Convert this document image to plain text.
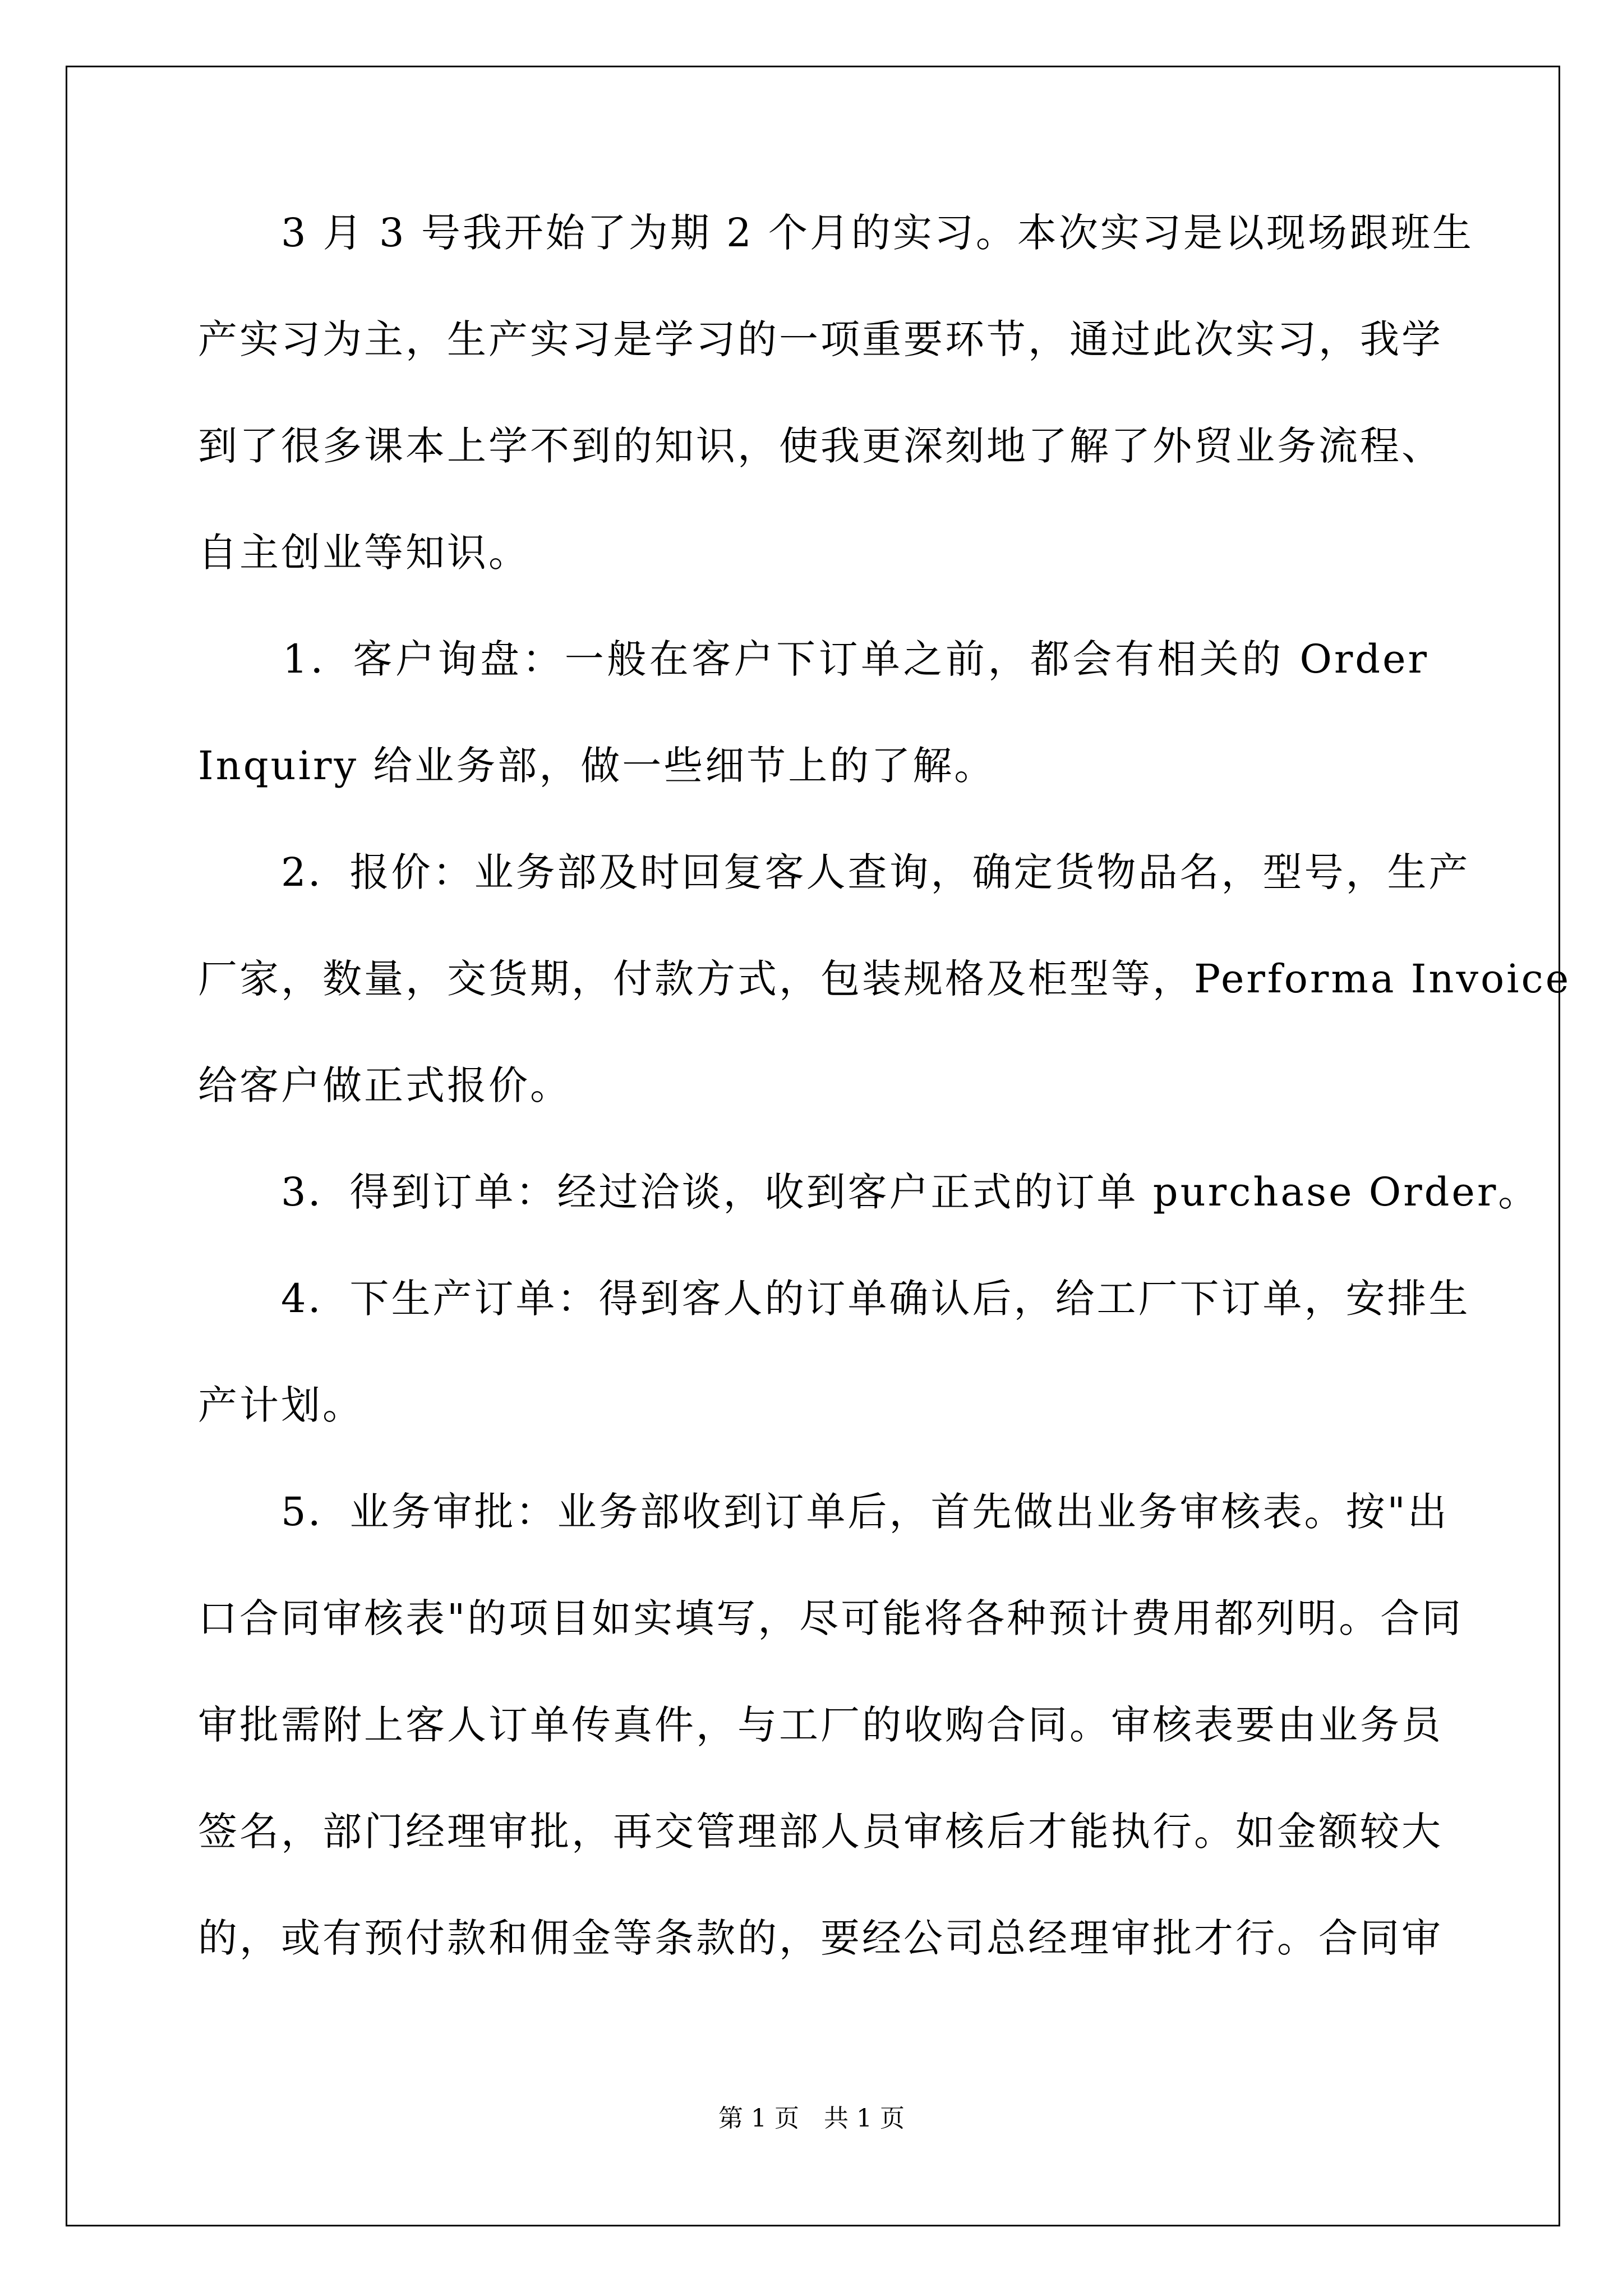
　　3 月 3 号我开始了为期 2 个月的实习。本次实习是以现场跟班生
产实习为主，生产实习是学习的一项重要环节，通过此次实习，我学
到了很多课本上学不到的知识，使我更深刻地了解了外贸业务流程、
自主创业等知识。
　　1．客户询盘：一般在客户下订单之前，都会有相关的 Order
Inquiry 给业务部，做一些细节上的了解。
　　2．报价：业务部及时回复客人查询，确定货物品名，型号，生产
厂家，数量，交货期，付款方式，包装规格及柜型等，Performa Invoice
给客户做正式报价。
　　3．得到订单：经过洽谈，收到客户正式的订单 purchase Order。
　　4．下生产订单：得到客人的订单确认后，给工厂下订单，安排生
产计划。
　　5．业务审批：业务部收到订单后，首先做出业务审核表。按"出
口合同审核表"的项目如实填写，尽可能将各种预计费用都列明。合同
审批需附上客人订单传真件，与工厂的收购合同。审核表要由业务员
签名，部门经理审批，再交管理部人员审核后才能执行。如金额较大
的，或有预付款和佣金等条款的，要经公司总经理审批才行。合同审
第 1 页　共 1 页
